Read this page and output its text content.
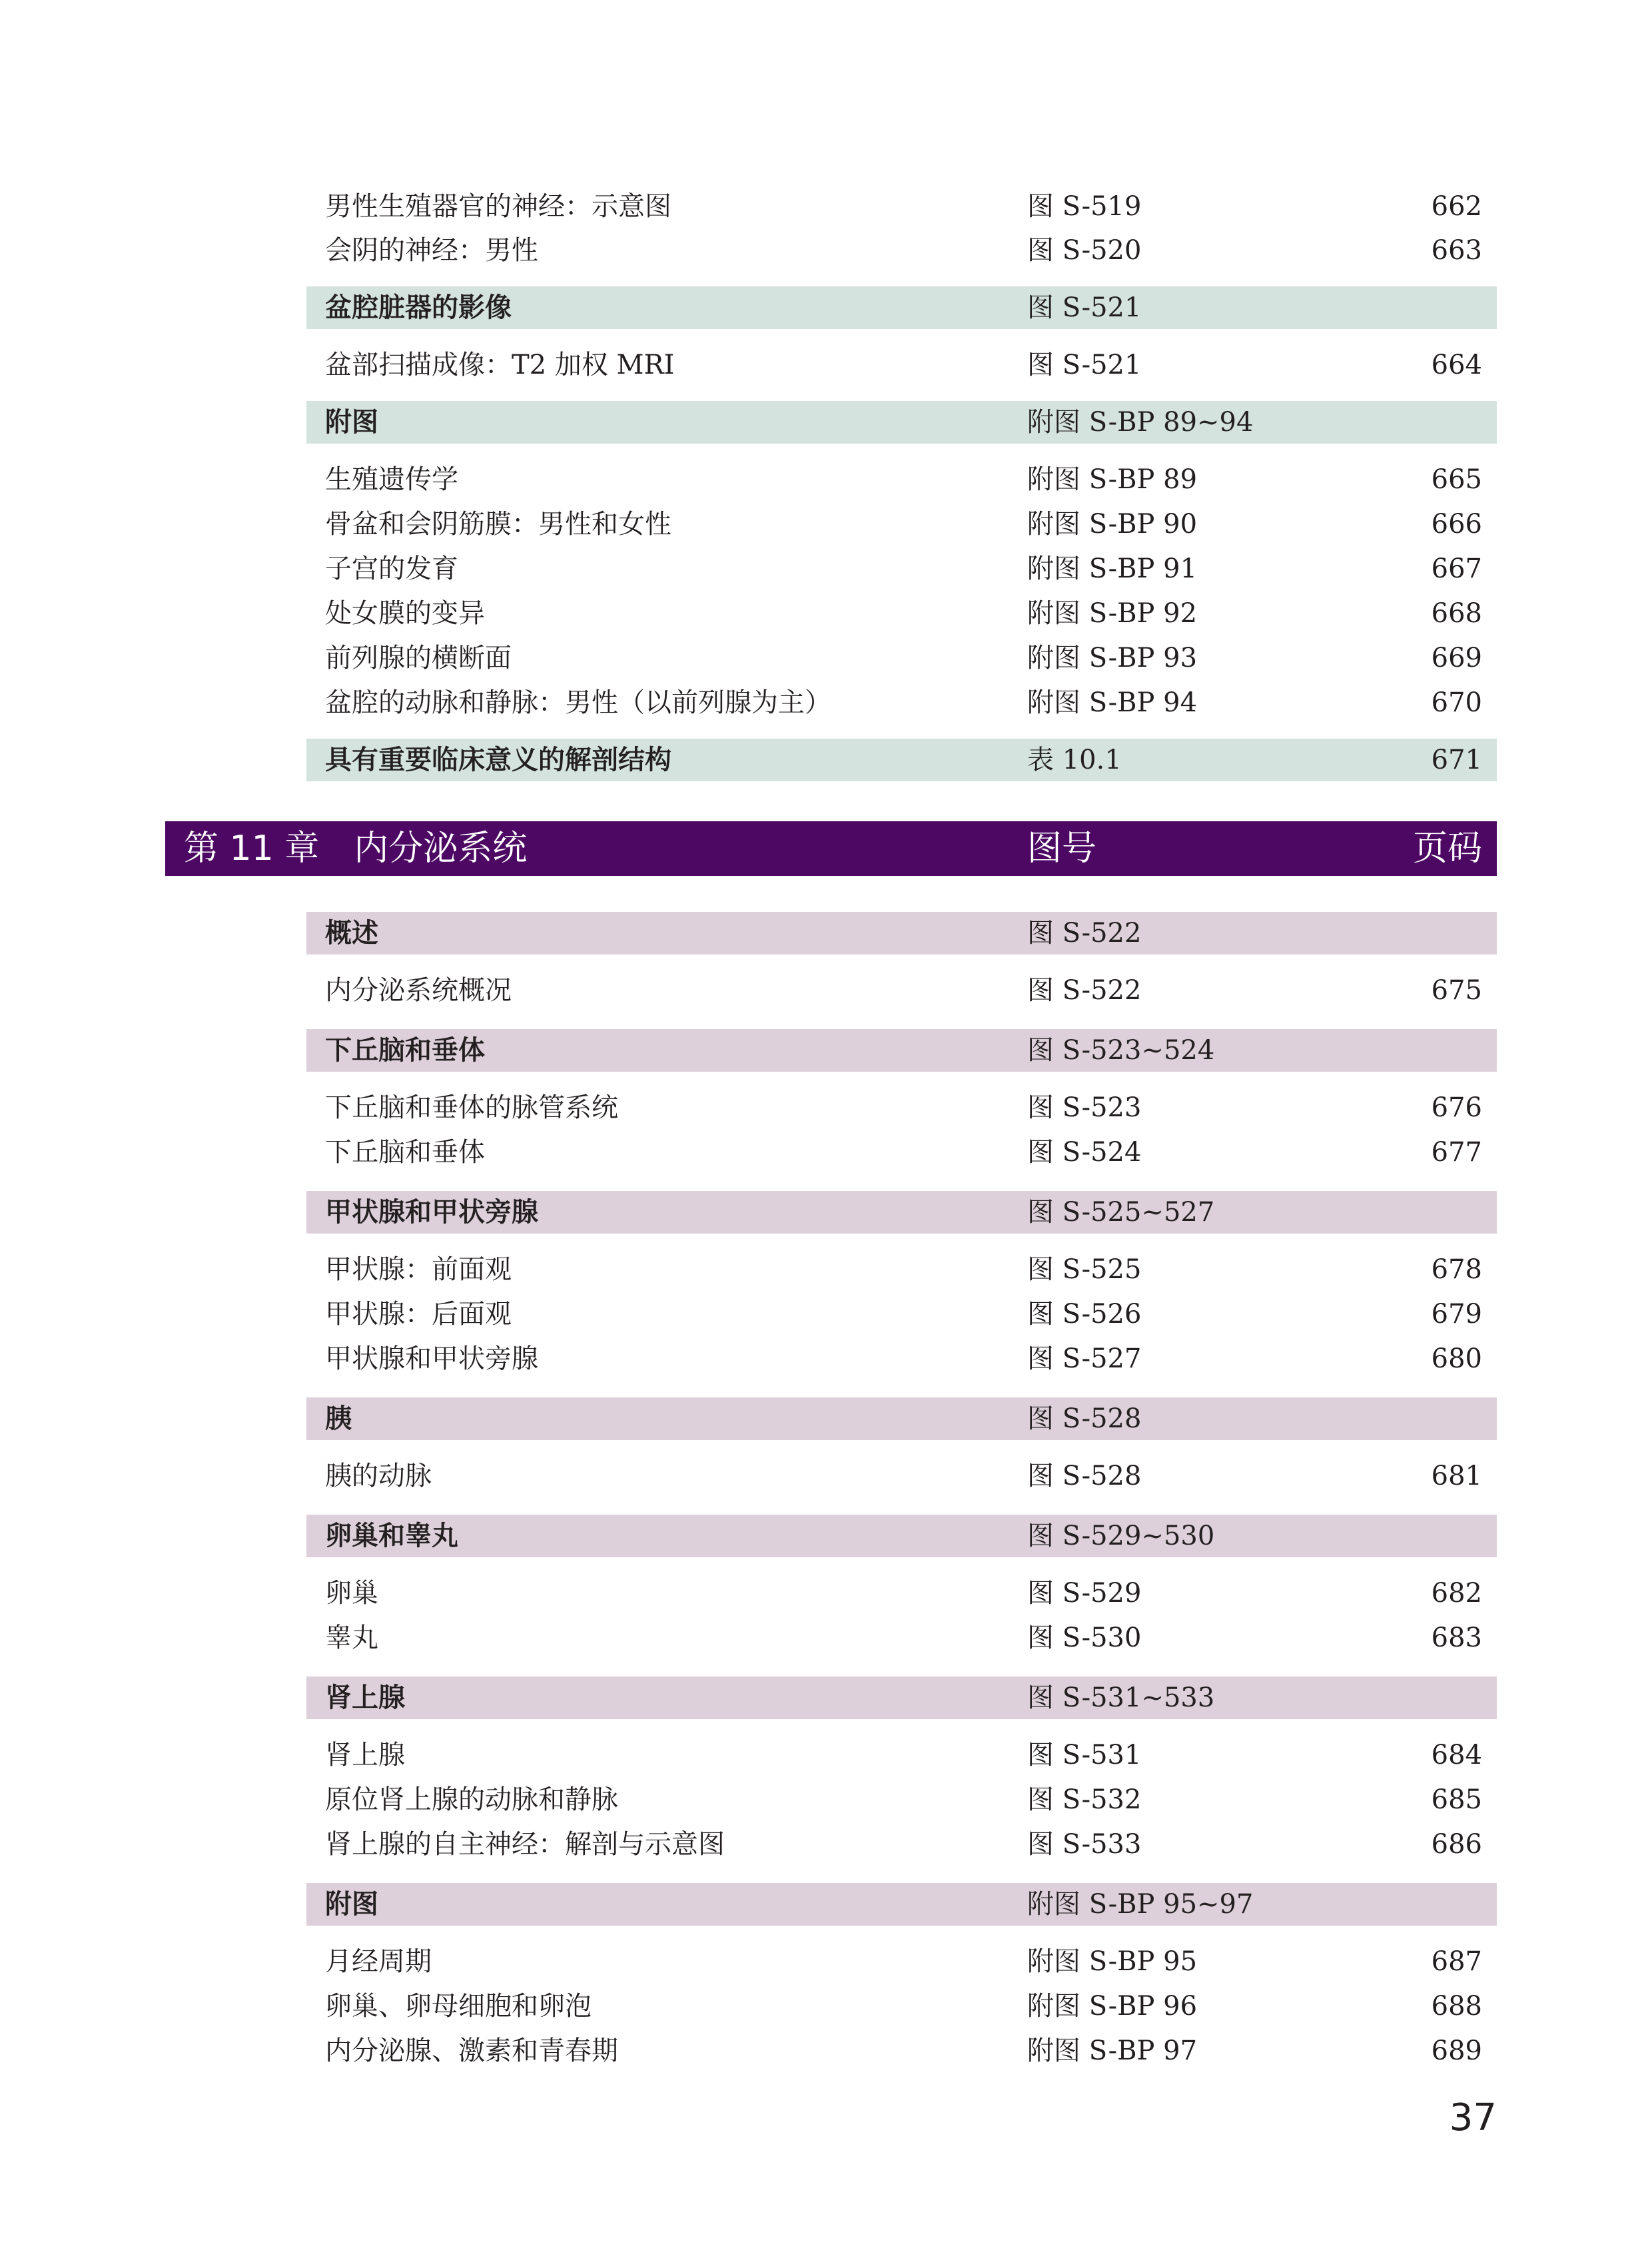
男性生殖器官的神经：示意图	图 S-519	662
会阴的神经：男性	图 S-520	663
盆腔脏器的影像	图 S-521
盆部扫描成像：T2 加权 MRI	图 S-521	664
附图	附图 S-BP 89~94
生殖遗传学	附图 S-BP 89	665
骨盆和会阴筋膜：男性和女性	附图 S-BP 90	666
子宫的发育	附图 S-BP 91	667
处女膜的变异	附图 S-BP 92	668
前列腺的横断面	附图 S-BP 93	669
盆腔的动脉和静脉：男性（以前列腺为主）	附图 S-BP 94	670
具有重要临床意义的解剖结构	表 10.1	671
第 11 章　内分泌系统	图号	页码
概述	图 S-522
内分泌系统概况	图 S-522	675
下丘脑和垂体	图 S-523~524
下丘脑和垂体的脉管系统	图 S-523	676
下丘脑和垂体	图 S-524	677
甲状腺和甲状旁腺	图 S-525~527
甲状腺：前面观	图 S-525	678
甲状腺：后面观	图 S-526	679
甲状腺和甲状旁腺	图 S-527	680
胰	图 S-528
胰的动脉	图 S-528	681
卵巢和睾丸	图 S-529~530
卵巢	图 S-529	682
睾丸	图 S-530	683
肾上腺	图 S-531~533
肾上腺	图 S-531	684
原位肾上腺的动脉和静脉	图 S-532	685
肾上腺的自主神经：解剖与示意图	图 S-533	686
附图	附图 S-BP 95~97
月经周期	附图 S-BP 95	687
卵巢、卵母细胞和卵泡	附图 S-BP 96	688
内分泌腺、激素和青春期	附图 S-BP 97	689
37
